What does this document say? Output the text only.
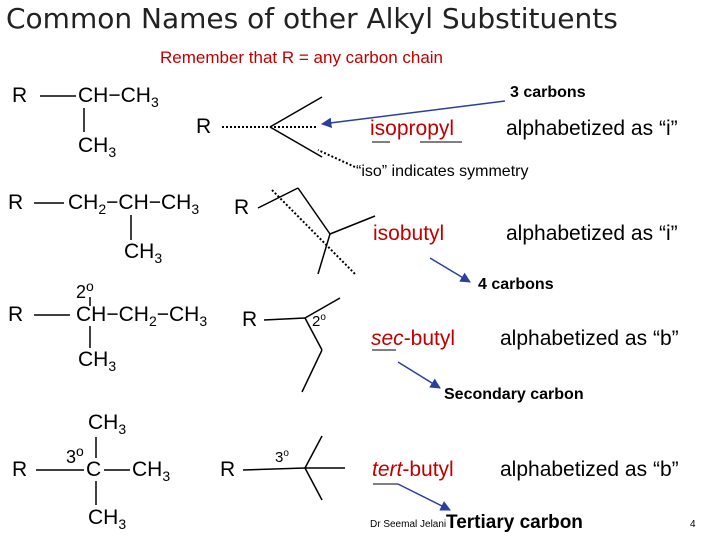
Common Names of other Alkyl Substituents
Remember that R = any carbon chain
R $CH-CH_3$
$CH_3$
R
3 carbons
isopropyl alphabetized as “i”
“iso” indicates symmetry
R $CH_2-CH-CH_3$
$CH_3$
R
isobutyl	alphabetized as “i”
4 carbons
2$^o$
R	$CH-CH_2-CH_3$
$CH_3$
R	2$^o$
sec-butyl alphabetized as “b”
Secondary carbon
$CH_3$
3$^o$
R	C $CH_3$
$CH_3$
R
3$^o$
tert-butyl alphabetized as “b”
Dr Seemal Jelani Tertiary carbon	4
